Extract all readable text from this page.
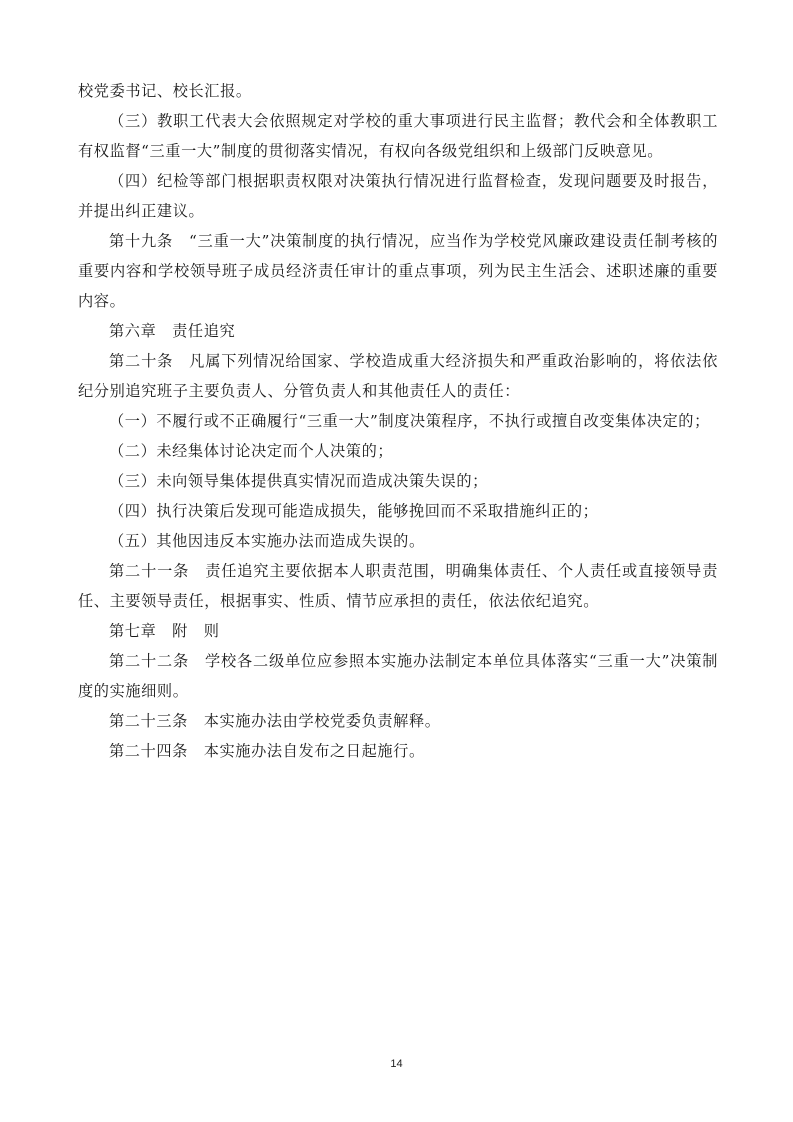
校党委书记、校长汇报。

（三）教职工代表大会依照规定对学校的重大事项进行民主监督；教代会和全体教职工有权监督“三重一大”制度的贯彻落实情况，有权向各级党组织和上级部门反映意见。

（四）纪检等部门根据职责权限对决策执行情况进行监督检查，发现问题要及时报告，并提出纠正建议。

第十九条　“三重一大”决策制度的执行情况，应当作为学校党风廉政建设责任制考核的重要内容和学校领导班子成员经济责任审计的重点事项，列为民主生活会、述职述廉的重要内容。

第六章　责任追究

第二十条　凡属下列情况给国家、学校造成重大经济损失和严重政治影响的，将依法依纪分别追究班子主要负责人、分管负责人和其他责任人的责任：

（一）不履行或不正确履行“三重一大”制度决策程序，不执行或擅自改变集体决定的；

（二）未经集体讨论决定而个人决策的；

（三）未向领导集体提供真实情况而造成决策失误的；

（四）执行决策后发现可能造成损失，能够挽回而不采取措施纠正的；

（五）其他因违反本实施办法而造成失误的。

第二十一条　责任追究主要依据本人职责范围，明确集体责任、个人责任或直接领导责任、主要领导责任，根据事实、性质、情节应承担的责任，依法依纪追究。

第七章　附　则

第二十二条　学校各二级单位应参照本实施办法制定本单位具体落实“三重一大”决策制度的实施细则。

第二十三条　本实施办法由学校党委负责解释。

第二十四条　本实施办法自发布之日起施行。

14
